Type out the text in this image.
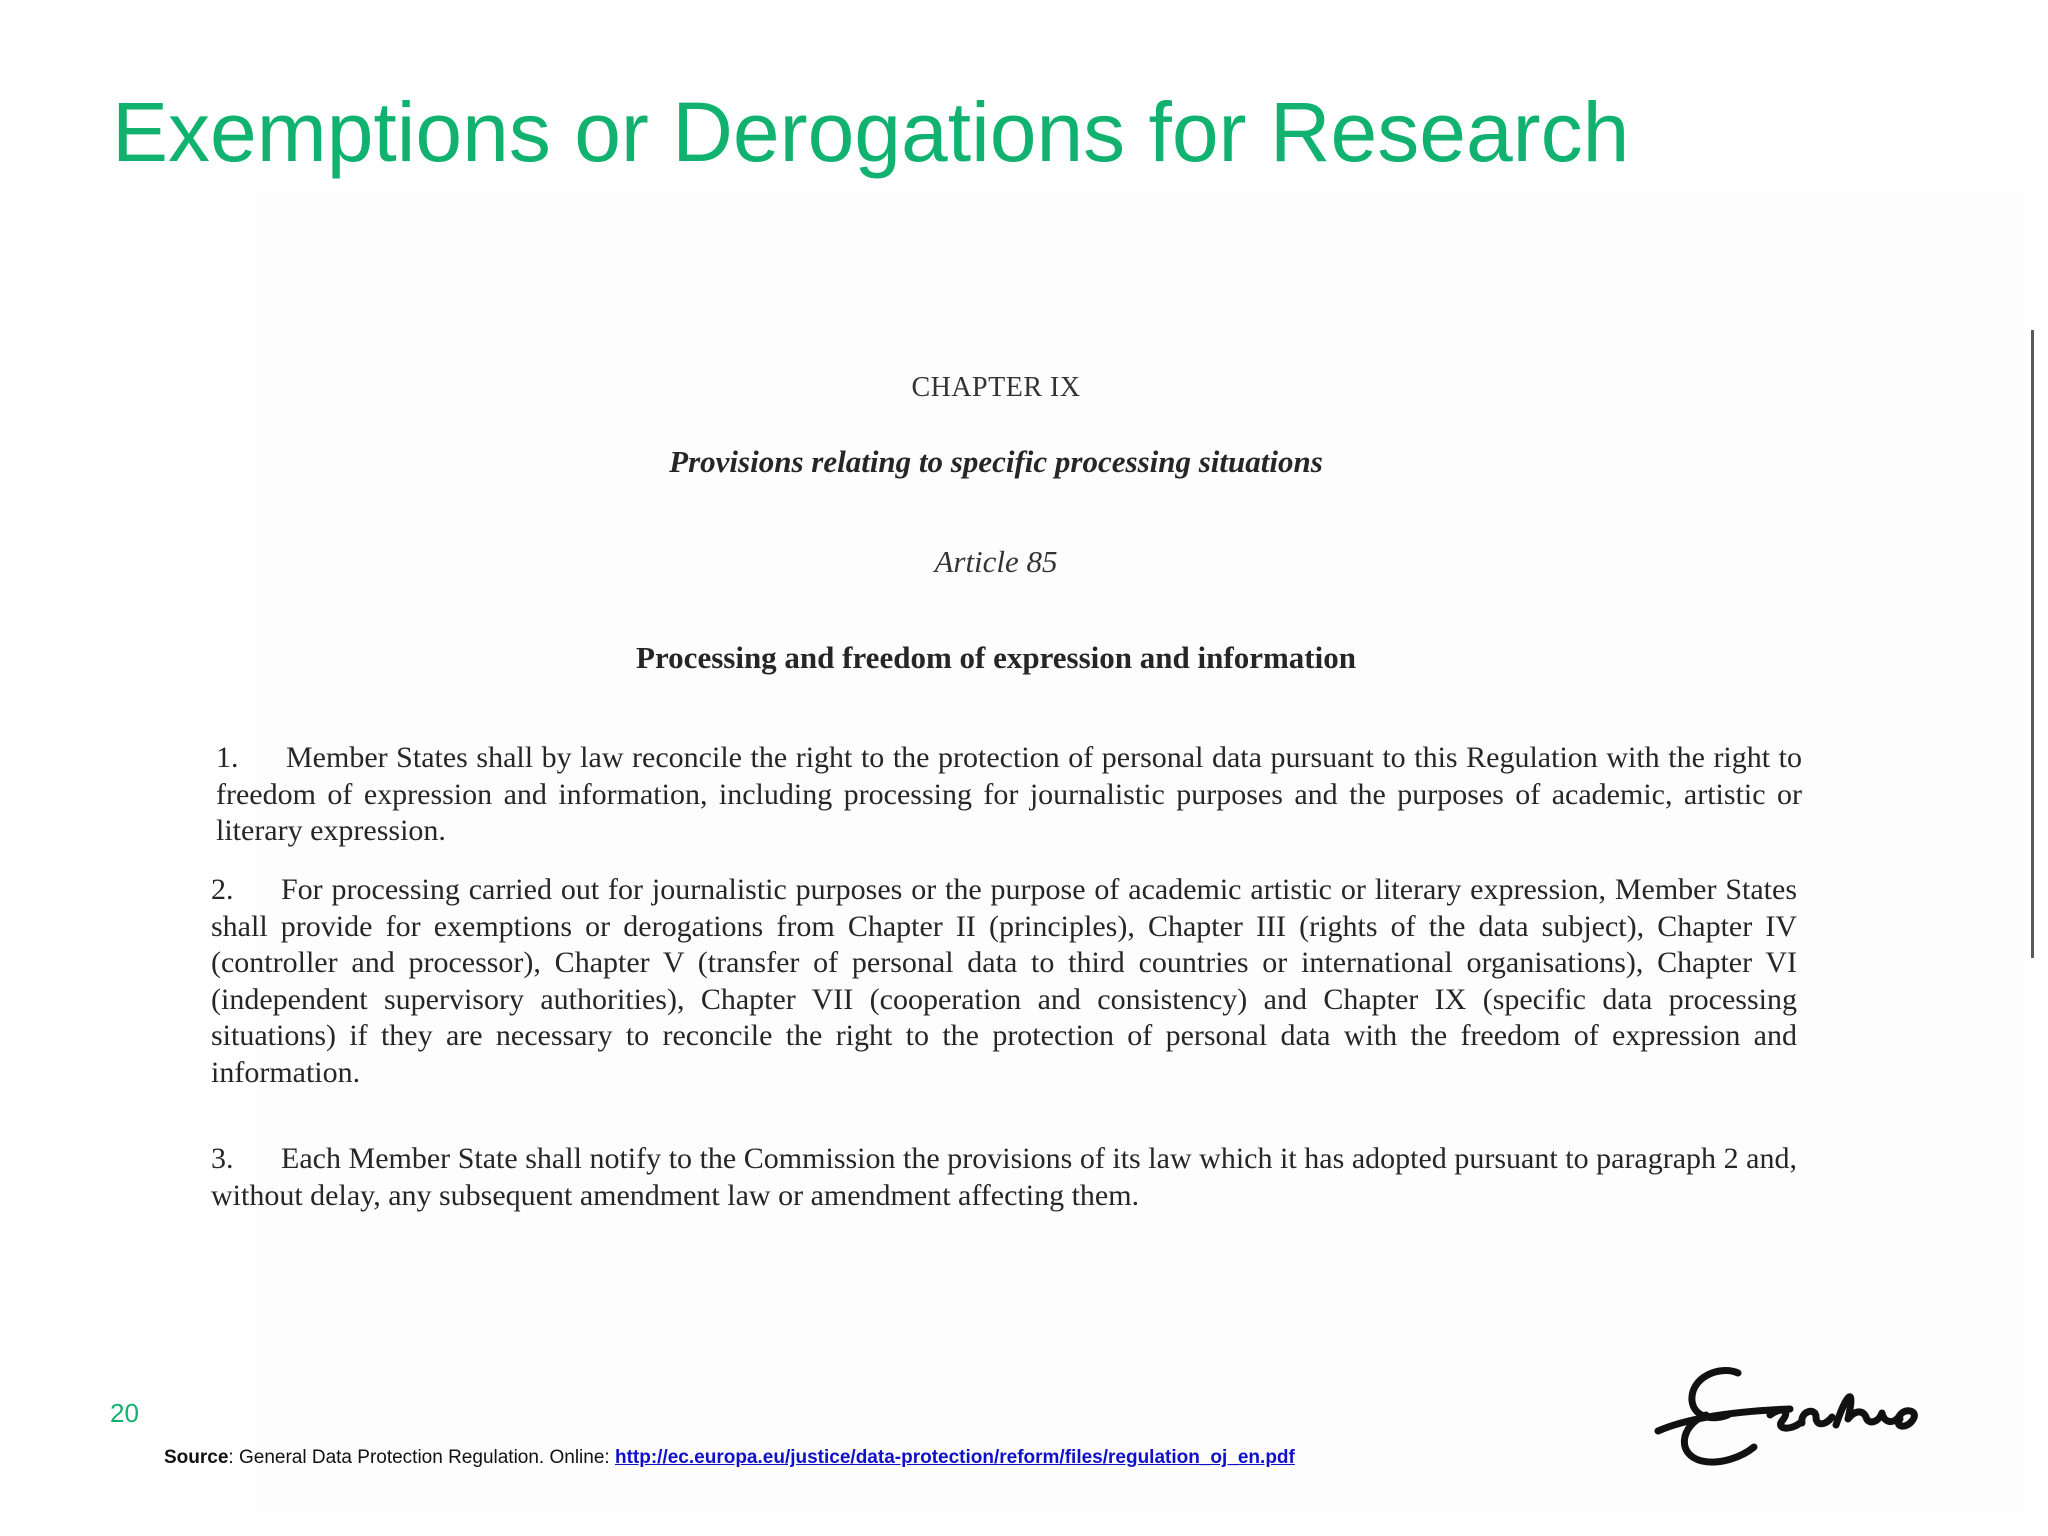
Exemptions or Derogations for Research
CHAPTER IX
Provisions relating to specific processing situations
Article 85
Processing and freedom of expression and information

1. Member States shall by law reconcile the right to the protection of personal data pursuant to this Regulation with the right to freedom of expression and information, including processing for journalistic purposes and the purposes of academic, artistic or literary expression.

2. For processing carried out for journalistic purposes or the purpose of academic artistic or literary expression, Member States shall provide for exemptions or derogations from Chapter II (principles), Chapter III (rights of the data subject), Chapter IV (controller and processor), Chapter V (transfer of personal data to third countries or international organisations), Chapter VI (independent supervisory authorities), Chapter VII (cooperation and consistency) and Chapter IX (specific data processing situations) if they are necessary to reconcile the right to the protection of personal data with the freedom of expression and information.

3. Each Member State shall notify to the Commission the provisions of its law which it has adopted pursuant to paragraph 2 and, without delay, any subsequent amendment law or amendment affecting them.

20
Source: General Data Protection Regulation. Online: http://ec.europa.eu/justice/data-protection/reform/files/regulation_oj_en.pdf
